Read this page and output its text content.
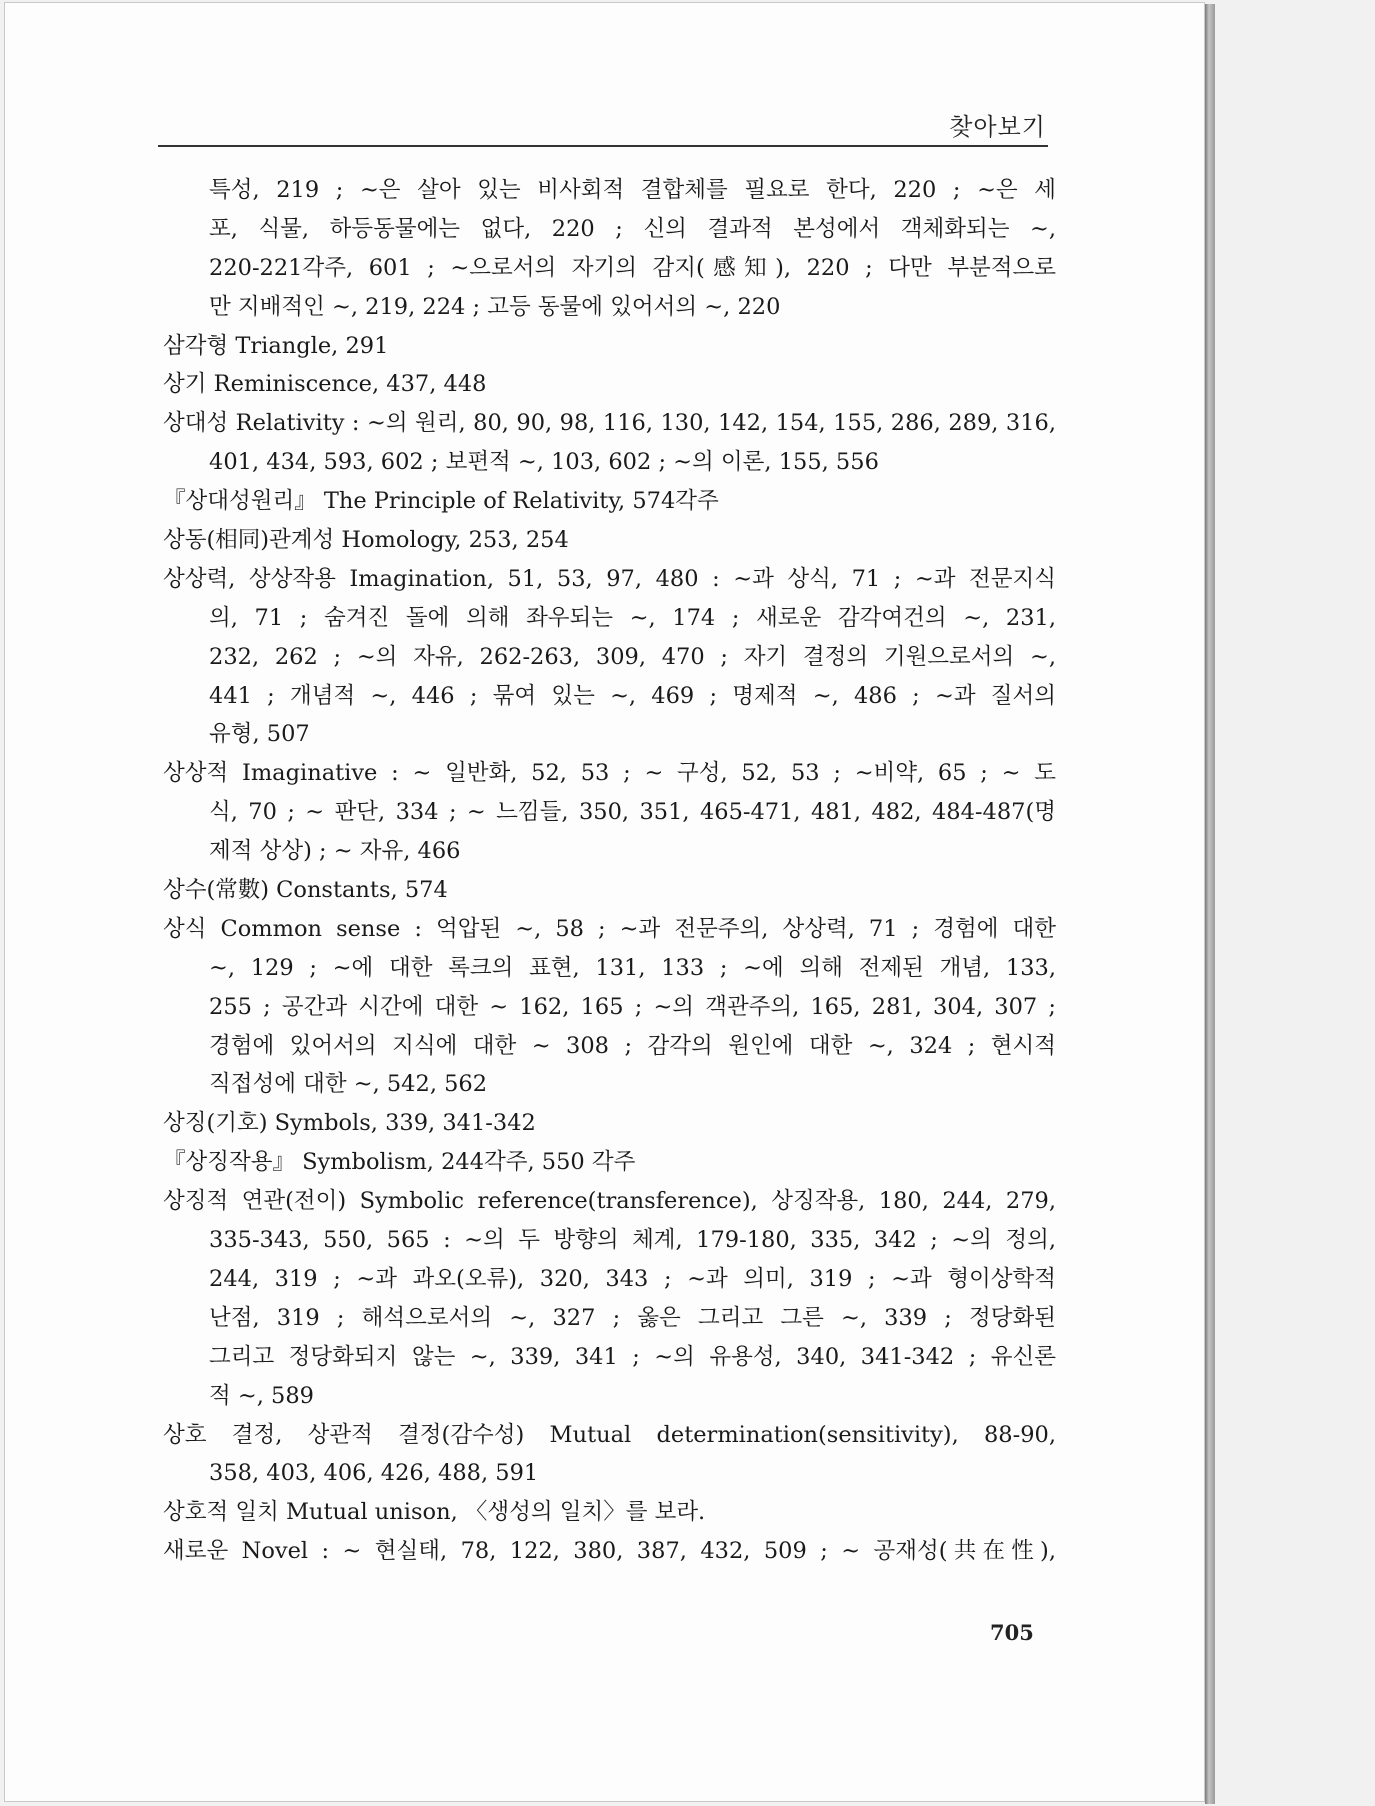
찾아보기
특성, 219 ; ~은 살아 있는 비사회적 결합체를 필요로 한다, 220 ; ~은 세
포, 식물, 하등동물에는 없다, 220 ; 신의 결과적 본성에서 객체화되는 ~,
220-221각주, 601 ; ~으로서의 자기의 감지(感知), 220 ; 다만 부분적으로
만 지배적인 ~, 219, 224 ; 고등 동물에 있어서의 ~, 220
삼각형 Triangle, 291
상기 Reminiscence, 437, 448
상대성 Relativity : ~의 원리, 80, 90, 98, 116, 130, 142, 154, 155, 286, 289, 316,
401, 434, 593, 602 ; 보편적 ~, 103, 602 ; ~의 이론, 155, 556
『상대성원리』 The Principle of Relativity, 574각주
상동(相同)관계성 Homology, 253, 254
상상력, 상상작용 Imagination, 51, 53, 97, 480 : ~과 상식, 71 ; ~과 전문지식
의, 71 ; 숨겨진 돌에 의해 좌우되는 ~, 174 ; 새로운 감각여건의 ~, 231,
232, 262 ; ~의 자유, 262-263, 309, 470 ; 자기 결정의 기원으로서의 ~,
441 ; 개념적 ~, 446 ; 묶여 있는 ~, 469 ; 명제적 ~, 486 ; ~과 질서의
유형, 507
상상적 Imaginative : ~ 일반화, 52, 53 ; ~ 구성, 52, 53 ; ~비약, 65 ; ~ 도
식, 70 ; ~ 판단, 334 ; ~ 느낌들, 350, 351, 465-471, 481, 482, 484-487(명
제적 상상) ; ~ 자유, 466
상수(常數) Constants, 574
상식 Common sense : 억압된 ~, 58 ; ~과 전문주의, 상상력, 71 ; 경험에 대한
~, 129 ; ~에 대한 록크의 표현, 131, 133 ; ~에 의해 전제된 개념, 133,
255 ; 공간과 시간에 대한 ~ 162, 165 ; ~의 객관주의, 165, 281, 304, 307 ;
경험에 있어서의 지식에 대한 ~ 308 ; 감각의 원인에 대한 ~, 324 ; 현시적
직접성에 대한 ~, 542, 562
상징(기호) Symbols, 339, 341-342
『상징작용』 Symbolism, 244각주, 550 각주
상징적 연관(전이) Symbolic reference(transference), 상징작용, 180, 244, 279,
335-343, 550, 565 : ~의 두 방향의 체계, 179-180, 335, 342 ; ~의 정의,
244, 319 ; ~과 과오(오류), 320, 343 ; ~과 의미, 319 ; ~과 형이상학적
난점, 319 ; 해석으로서의 ~, 327 ; 옳은 그리고 그른 ~, 339 ; 정당화된
그리고 정당화되지 않는 ~, 339, 341 ; ~의 유용성, 340, 341-342 ; 유신론
적 ~, 589
상호 결정, 상관적 결정(감수성) Mutual determination(sensitivity), 88-90,
358, 403, 406, 426, 488, 591
상호적 일치 Mutual unison, 〈생성의 일치〉를 보라.
새로운 Novel : ~ 현실태, 78, 122, 380, 387, 432, 509 ; ~ 공재성(共在性),
705
